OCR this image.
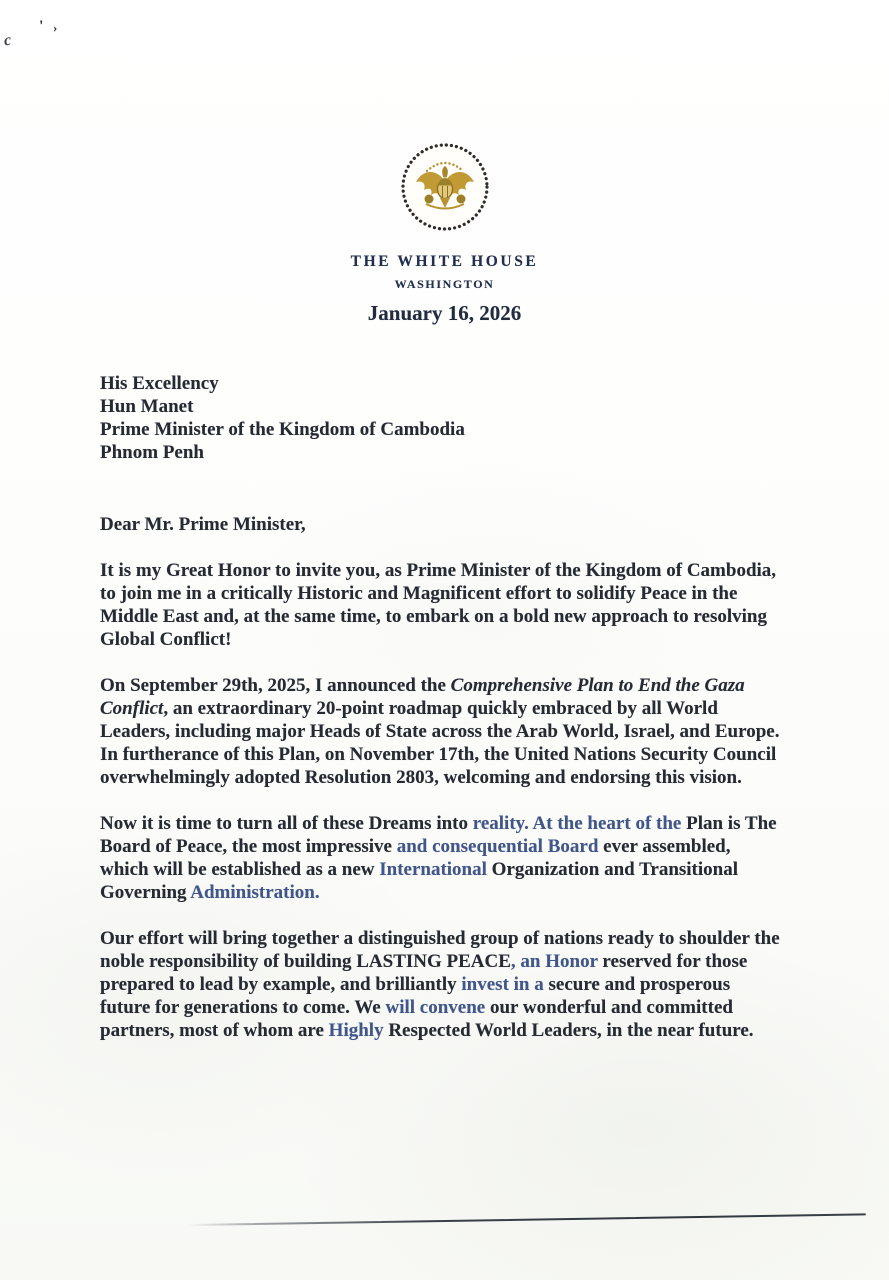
c
' ›
THE WHITE HOUSE
WASHINGTON
January 16, 2026
His Excellency
Hun Manet
Prime Minister of the Kingdom of Cambodia
Phnom Penh
Dear Mr. Prime Minister,

It is my Great Honor to invite you, as Prime Minister of the Kingdom of Cambodia, to join me in a critically Historic and Magnificent effort to solidify Peace in the Middle East and, at the same time, to embark on a bold new approach to resolving Global Conflict!

On September 29th, 2025, I announced the Comprehensive Plan to End the Gaza Conflict, an extraordinary 20-point roadmap quickly embraced by all World Leaders, including major Heads of State across the Arab World, Israel, and Europe. In furtherance of this Plan, on November 17th, the United Nations Security Council overwhelmingly adopted Resolution 2803, welcoming and endorsing this vision.

Now it is time to turn all of these Dreams into reality. At the heart of the Plan is The Board of Peace, the most impressive and consequential Board ever assembled, which will be established as a new International Organization and Transitional Governing Administration.

Our effort will bring together a distinguished group of nations ready to shoulder the noble responsibility of building LASTING PEACE, an Honor reserved for those prepared to lead by example, and brilliantly invest in a secure and prosperous future for generations to come. We will convene our wonderful and committed partners, most of whom are Highly Respected World Leaders, in the near future.
